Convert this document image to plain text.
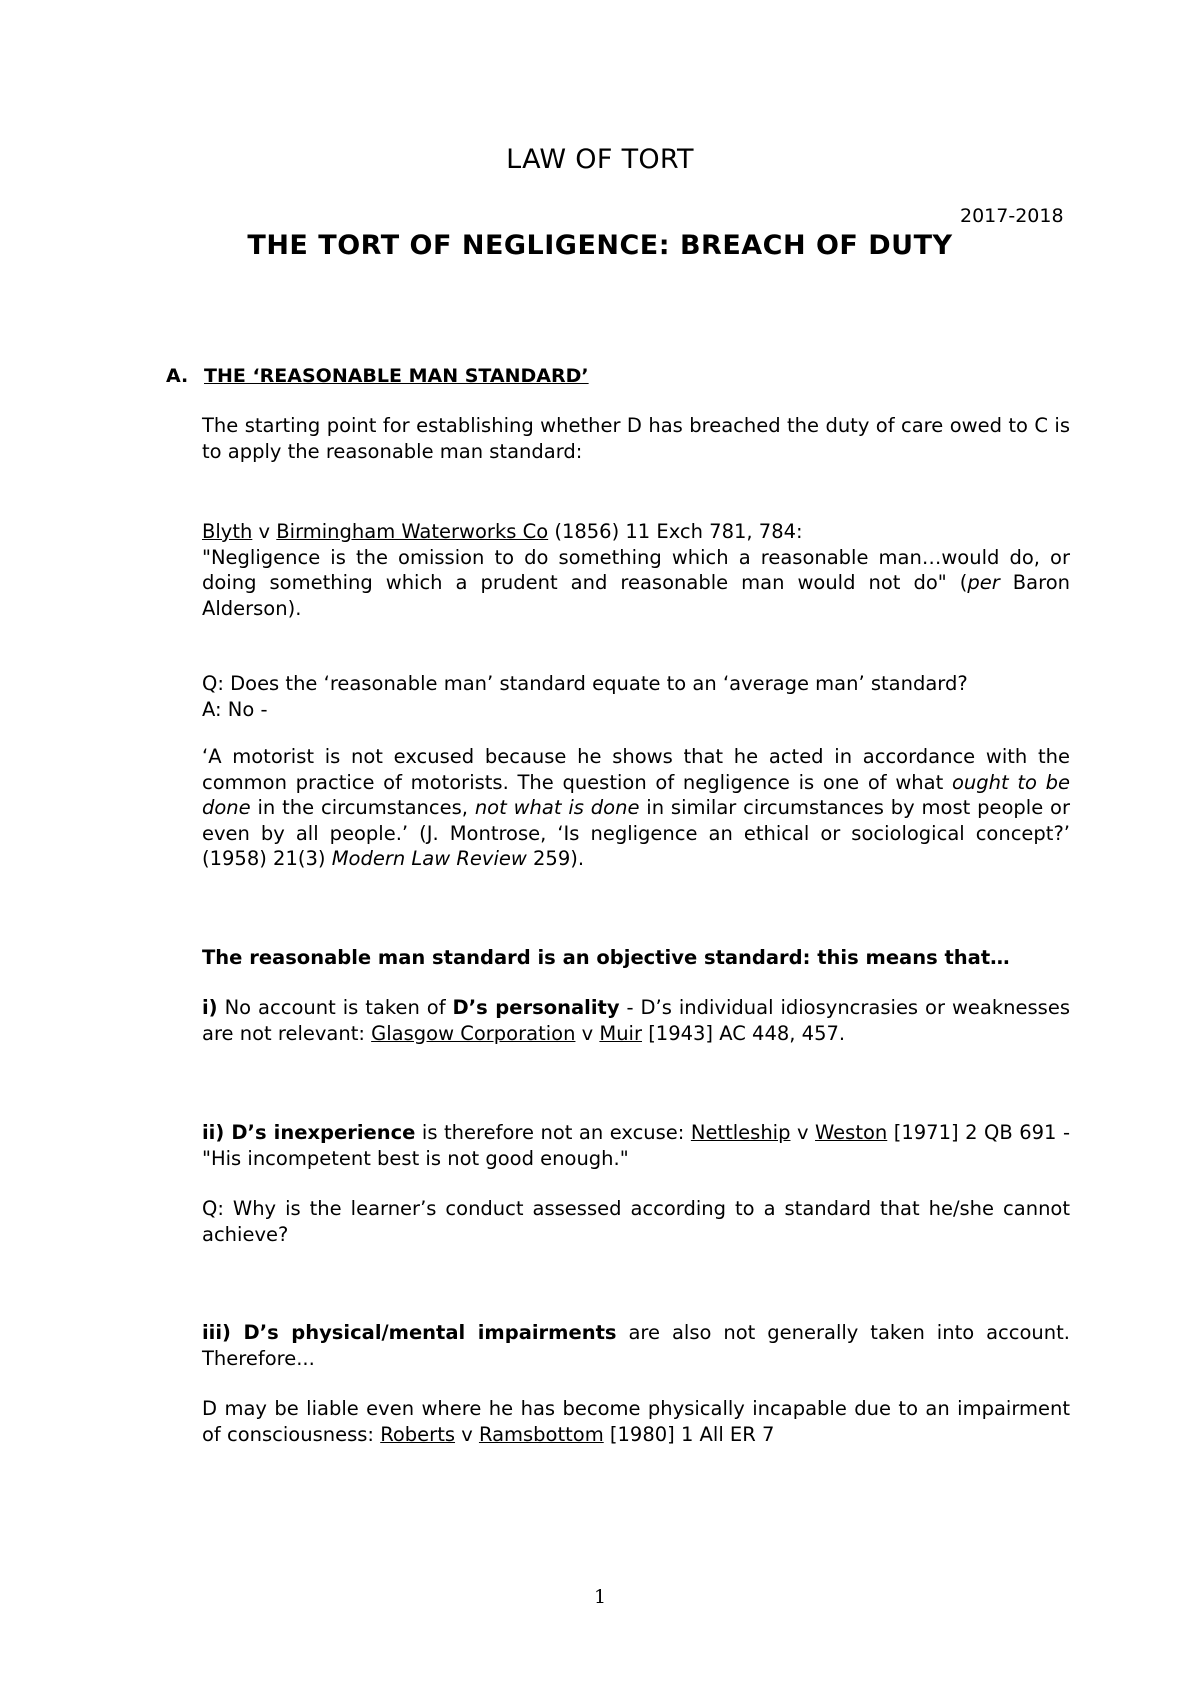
LAW OF TORT
2017-2018
THE TORT OF NEGLIGENCE: BREACH OF DUTY
A. THE ‘REASONABLE MAN STANDARD’
The starting point for establishing whether D has breached the duty of care owed to C is to apply the reasonable man standard:
Blyth v Birmingham Waterworks Co (1856) 11 Exch 781, 784:
"Negligence is the omission to do something which a reasonable man…would do, or doing something which a prudent and reasonable man would not do" (per Baron Alderson).
Q: Does the ‘reasonable man’ standard equate to an ‘average man’ standard?
A: No -
‘A motorist is not excused because he shows that he acted in accordance with the common practice of motorists. The question of negligence is one of what ought to be done in the circumstances, not what is done in similar circumstances by most people or even by all people.’ (J. Montrose, ‘Is negligence an ethical or sociological concept?’ (1958) 21(3) Modern Law Review 259).
The reasonable man standard is an objective standard: this means that…
i) No account is taken of D’s personality - D’s individual idiosyncrasies or weaknesses are not relevant: Glasgow Corporation v Muir [1943] AC 448, 457.
ii) D’s inexperience is therefore not an excuse: Nettleship v Weston [1971] 2 QB 691 - "His incompetent best is not good enough."
Q: Why is the learner’s conduct assessed according to a standard that he/she cannot achieve?
iii) D’s physical/mental impairments are also not generally taken into account. Therefore...
D may be liable even where he has become physically incapable due to an impairment of consciousness: Roberts v Ramsbottom [1980] 1 All ER 7
1
